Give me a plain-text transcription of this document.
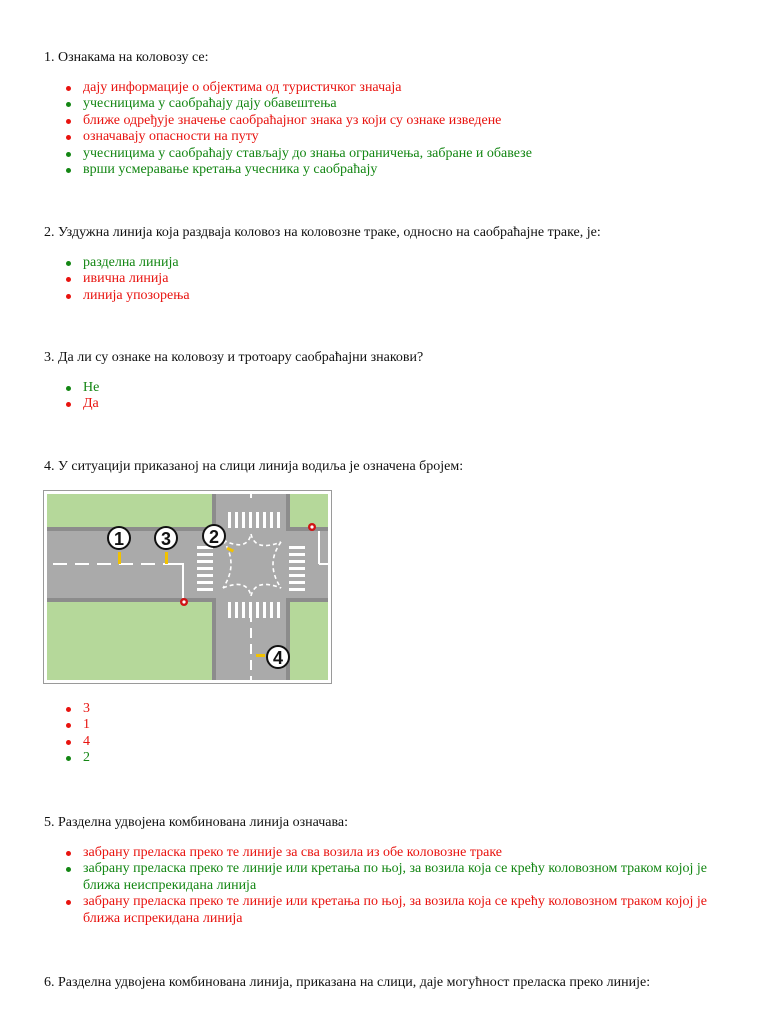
1. Ознакама на коловозу се:

дају информације о објектима од туристичког значаја
учесницима у саобраћају дају обавештења
ближе одређује значење саобраћајног знака уз који су ознаке изведене
означавају опасности на путу
учесницима у саобраћају стављају до знања ограничења, забране и обавезе
врши усмеравање кретања учесника у саобраћају

2. Уздужна линија која раздваја коловоз на коловозне траке, односно на саобраћајне траке, је:

разделна линија
ивична линија
линија упозорења

3. Да ли су ознаке на коловозу и тротоару саобраћајни знакови?

Не
Да

4. У ситуацији приказаној на слици линија водиља је означена бројем:

1 3 2
4
3
1
4
2

5. Разделна удвојена комбинована линија означава:

забрану преласка преко те линије за сва возила из обе коловозне траке
забрану преласка преко те линије или кретања по њој, за возила која се крећу коловозном траком којој је ближа неиспрекидана линија
забрану преласка преко те линије или кретања по њој, за возила која се крећу коловозном траком којој је ближа испрекидана линија

6. Разделна удвојена комбинована линија, приказана на слици, даје могућност преласка преко линије:
